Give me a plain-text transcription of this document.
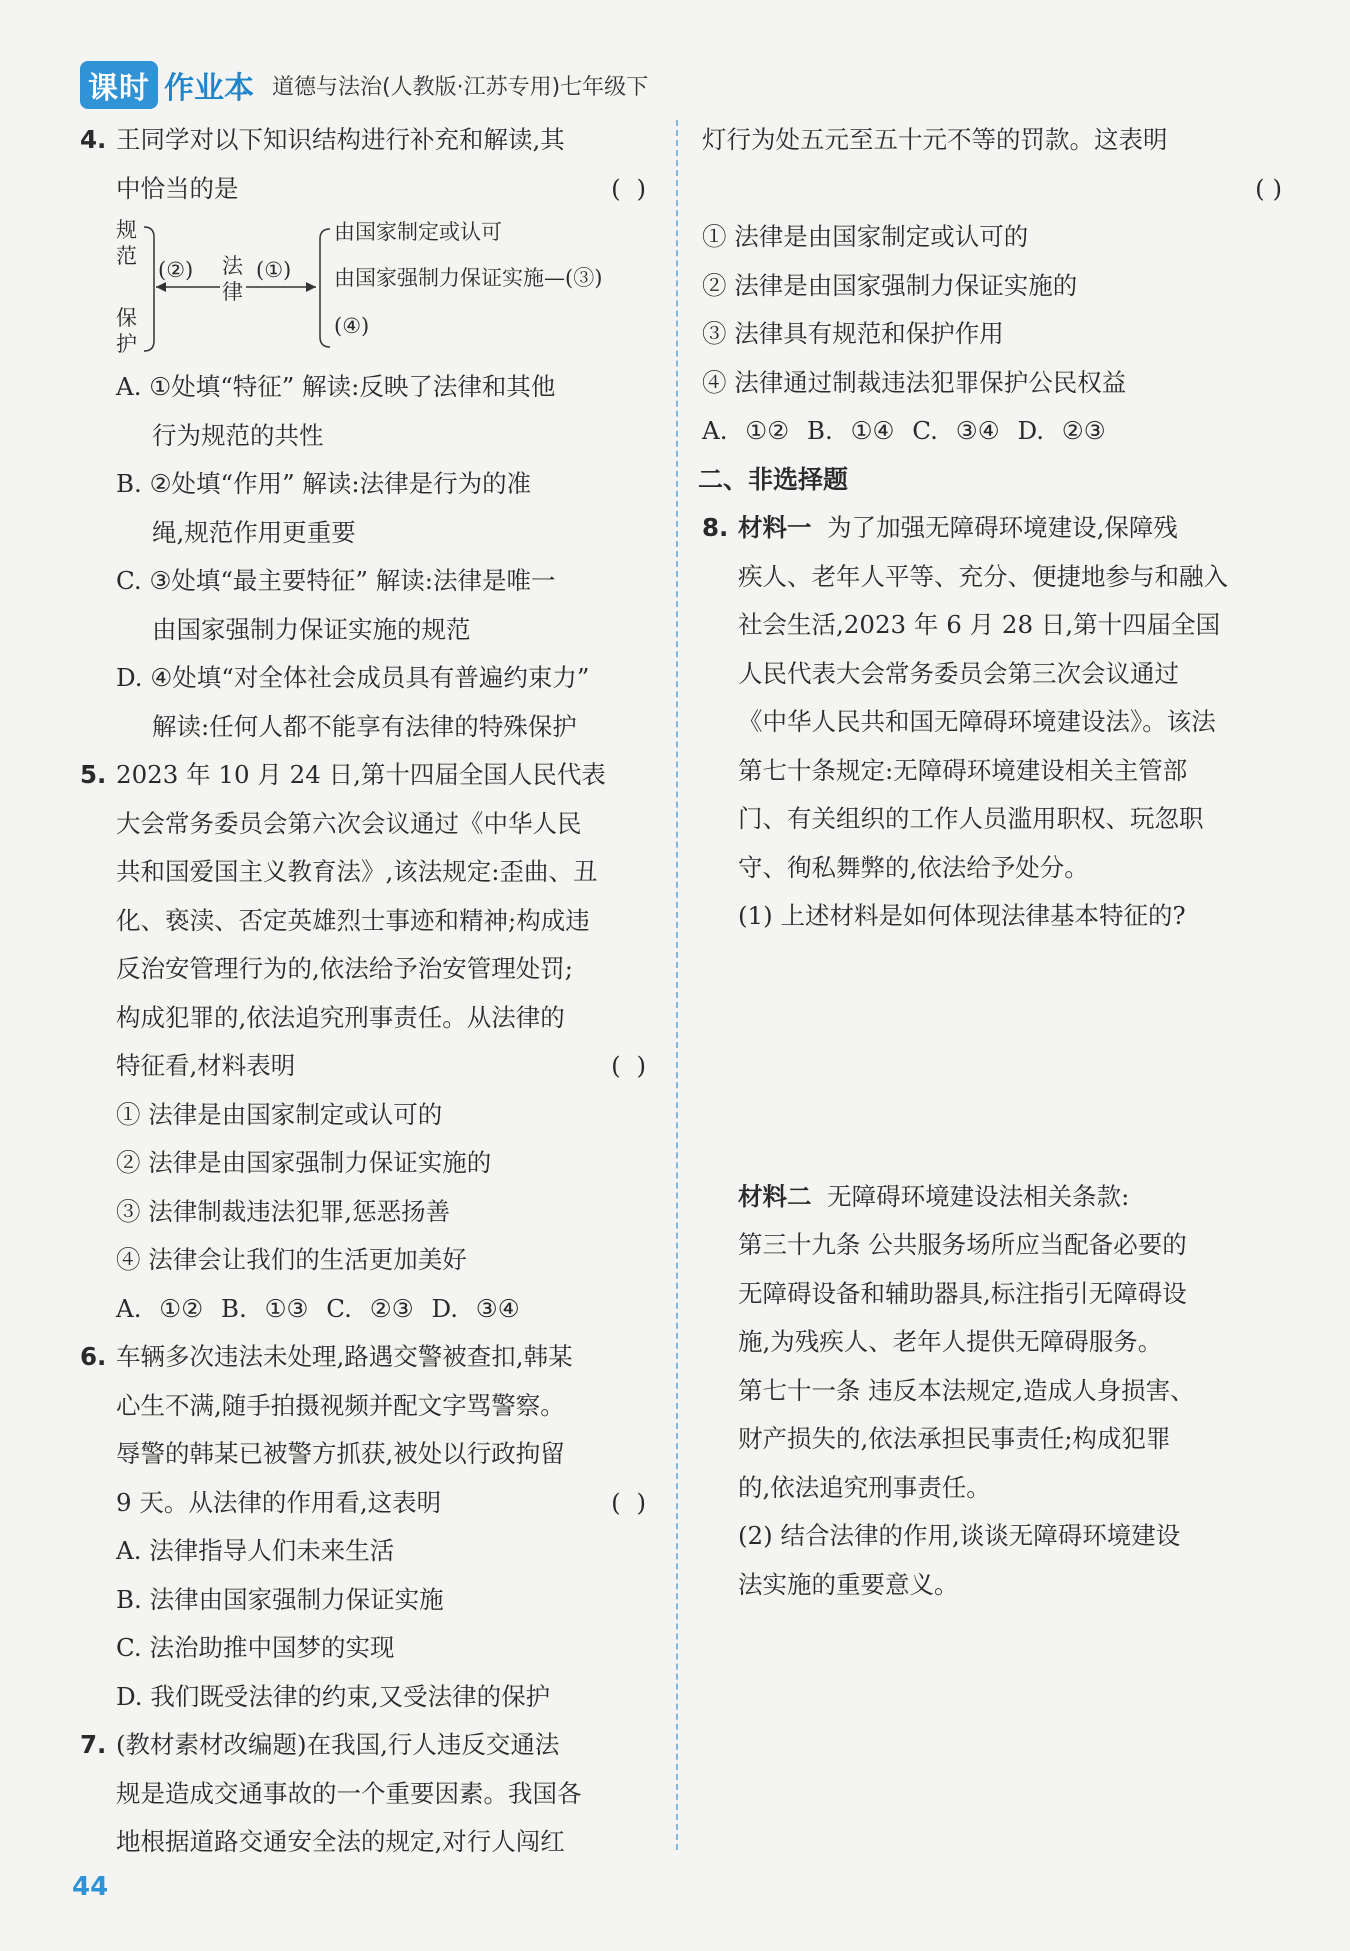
课时 作业本 道德与法治(人教版·江苏专用)七年级下
4. 王同学对以下知识结构进行补充和解读,其
中恰当的是	( )
规范
保护
(②) 法律
(①)
由国家制定或认可
由国家强制力保证实施—(③)
(④)
A. ①处填“特征” 解读:反映了法律和其他
行为规范的共性
B. ②处填“作用” 解读:法律是行为的准
绳,规范作用更重要
C. ③处填“最主要特征” 解读:法律是唯一
由国家强制力保证实施的规范
D. ④处填“对全体社会成员具有普遍约束力”
解读:任何人都不能享有法律的特殊保护
5. 2023 年 10 月 24 日,第十四届全国人民代表
大会常务委员会第六次会议通过《中华人民
共和国爱国主义教育法》,该法规定:歪曲、丑
化、亵渎、否定英雄烈士事迹和精神;构成违
反治安管理行为的,依法给予治安管理处罚;
构成犯罪的,依法追究刑事责任。从法律的
特征看,材料表明	( )
① 法律是由国家制定或认可的
② 法律是由国家强制力保证实施的
③ 法律制裁违法犯罪,惩恶扬善
④ 法律会让我们的生活更加美好
A. ①② B. ①③ C. ②③ D. ③④
6. 车辆多次违法未处理,路遇交警被查扣,韩某
心生不满,随手拍摄视频并配文字骂警察。
辱警的韩某已被警方抓获,被处以行政拘留
9 天。从法律的作用看,这表明	( )
A. 法律指导人们未来生活
B. 法律由国家强制力保证实施
C. 法治助推中国梦的实现
D. 我们既受法律的约束,又受法律的保护
7. (教材素材改编题)在我国,行人违反交通法
规是造成交通事故的一个重要因素。我国各
地根据道路交通安全法的规定,对行人闯红
灯行为处五元至五十元不等的罚款。这表明
( )
① 法律是由国家制定或认可的
② 法律是由国家强制力保证实施的
③ 法律具有规范和保护作用
④ 法律通过制裁违法犯罪保护公民权益
A. ①② B. ①④ C. ③④ D. ②③
二、非选择题
8. 材料一 为了加强无障碍环境建设,保障残
疾人、老年人平等、充分、便捷地参与和融入
社会生活,2023 年 6 月 28 日,第十四届全国
人民代表大会常务委员会第三次会议通过
《中华人民共和国无障碍环境建设法》。该法
第七十条规定:无障碍环境建设相关主管部
门、有关组织的工作人员滥用职权、玩忽职
守、徇私舞弊的,依法给予处分。
(1) 上述材料是如何体现法律基本特征的?
材料二 无障碍环境建设法相关条款:
第三十九条 公共服务场所应当配备必要的
无障碍设备和辅助器具,标注指引无障碍设
施,为残疾人、老年人提供无障碍服务。
第七十一条 违反本法规定,造成人身损害、
财产损失的,依法承担民事责任;构成犯罪
的,依法追究刑事责任。
(2) 结合法律的作用,谈谈无障碍环境建设
法实施的重要意义。
44
